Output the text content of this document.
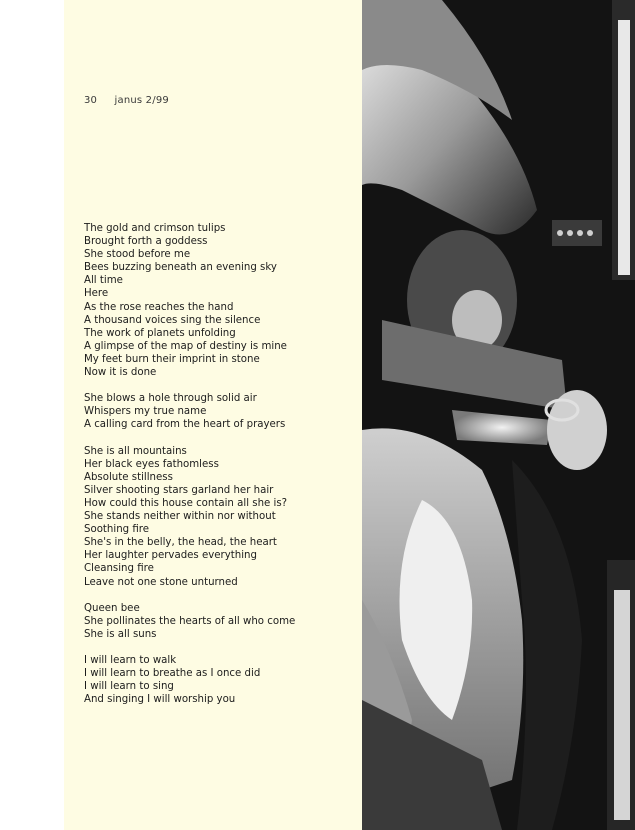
30 janus 2/99
The gold and crimson tulips
Brought forth a goddess
She stood before me
Bees buzzing beneath an evening sky
All time
Here
As the rose reaches the hand
A thousand voices sing the silence
The work of planets unfolding
A glimpse of the map of destiny is mine
My feet burn their imprint in stone
Now it is done
She blows a hole through solid air
Whispers my true name
A calling card from the heart of prayers
She is all mountains
Her black eyes fathomless
Absolute stillness
Silver shooting stars garland her hair
How could this house contain all she is?
She stands neither within nor without
Soothing fire
She's in the belly, the head, the heart
Her laughter pervades everything
Cleansing fire
Leave not one stone unturned
Queen bee
She pollinates the hearts of all who come
She is all suns
I will learn to walk
I will learn to breathe as I once did
I will learn to sing
And singing I will worship you
